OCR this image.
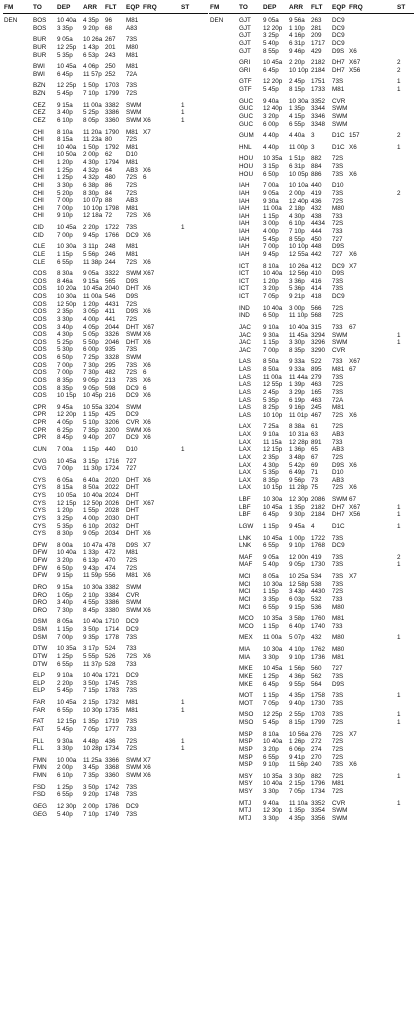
FM	TO DEP ARR FLT EQP FRQ	ST
DEN BOS 10 40a 4 35p 96 M81
BOS 3 35p 9 20p 68 A83
BUR 9 05a 10 26a 267 73S
BUR 12 25p 1 43p 201 M80
BUR 5 35p 6 53p 243 M81
BWI 10 45a 4 06p 250 M81
BWI 6 45p 11 57p 252 72A
BZN 12 25p 1 50p 1703 73S
BZN 5 45p 7 10p 1799 72S
CEZ 9 15a 11 00a 3382 SWM	1
CEZ 3 40p 5 25p 3386 SWM	1
CEZ 6 10p 8 05p 3360 SWM X6	1
CHI 8 10a 11 20a 1790 M81 X7
CHI 8 15a 11 23a 80 72S
CHI 10 40a 1 50p 1792 M81
CHI 10 50a 2 00p 62 D10
CHI 1 20p 4 30p 1794 M81
CHI 1 25p 4 32p 64 AB3 X6
CHI 1 25p 4 32p 480 72S 6
CHI 3 30p 6 38p 86 72S
CHI 5 20p 8 30p 84 72S
CHI 7 00p 10 07p 88 AB3
CHI 7 00p 10 10p 1798 M81
CHI 9 10p 12 18a 72 72S X6
CID 10 45a 2 20p 1722 73S	1
CID 7 00p 9 45p 1766 DC9 X6
CLE 10 30a 3 11p 248 M81
CLE 1 15p 5 56p 246 M81
CLE 6 55p 11 38p 244 72S X6
COS 8 30a 9 05a 3322 SWM X67
COS 8 46a 9 15a 565 D9S
COS 10 20a 10 45a 2040 DHT X6
COS 10 30a 11 00a 546 D9S
COS 12 50p 1 20p 4431 72S
COS 2 35p 3 05p 411 D9S X6
COS 3 30p 4 00p 441 72S
COS 3 40p 4 05p 2044 DHT X67
COS 4 30p 5 05p 3326 SWM X6
COS 5 25p 5 50p 2046 DHT X6
COS 5 30p 6 00p 935 73S
COS 6 50p 7 25p 3328 SWM
COS 7 00p 7 30p 295 73S X6
COS 7 00p 7 30p 482 72S 6
COS 8 35p 9 05p 213 73S X6
COS 8 35p 9 05p 598 DC9 6
COS 10 15p 10 45p 216 DC9 X6
CPR 9 45a 10 55a 3204 SWM
CPR 12 20p 1 15p 425 DC9
CPR 4 05p 5 10p 3206 CVR X6
CPR 6 25p 7 35p 3200 SWM X6
CPR 8 45p 9 40p 207 DC9 X6
CUN 7 00a 1 15p 440 D10	1
CVG 10 45a 3 15p 1716 727
CVG 7 00p 11 30p 1724 727
CYS 6 05a 6 40a 2020 DHT X6
CYS 8 15a 8 50a 2022 DHT
CYS 10 05a 10 40a 2024 DHT
CYS 12 15p 12 50p 2026 DHT X67
CYS 1 20p 1 55p 2028 DHT
CYS 3 25p 4 00p 2030 DHT
CYS 5 35p 6 10p 2032 DHT
CYS 8 30p 9 05p 2034 DHT X6
DFW 8 00a 10 47a 478 D9S X7
DFW 10 40a 1 33p 472 M81
DFW 3 20p 6 13p 470 72S
DFW 6 50p 9 43p 474 72S
DFW 9 15p 11 59p 556 M81 X6
DRO 9 15a 10 30a 3382 SWM
DRO 1 05p 2 10p 3384 CVR
DRO 3 40p 4 55p 3386 SWM
DRO 7 30p 8 45p 3380 SWM X6
DSM 8 05a 10 40a 1710 DC9
DSM 1 15p 3 50p 1714 DC9
DSM 7 00p 9 35p 1778 73S
DTW 10 35a 3 17p 524 733
DTW 1 25p 5 55p 526 72S X6
DTW 6 55p 11 37p 528 733
ELP 9 10a 10 40a 1721 DC9
ELP 2 20p 3 50p 1745 73S
ELP 5 45p 7 15p 1783 73S
FAR 10 45a 2 15p 1732 M81	1
FAR 6 55p 10 30p 1735 M81	1
FAT 12 15p 1 35p 1719 73S
FAT 5 45p 7 05p 1777 733
FLL 9 30a 4 48p 436 72S	1
FLL 3 30p 10 28p 1734 72S	1
FMN 10 00a 11 25a 3366 SWM X7
FMN 2 00p 3 45p 3368 SWM X6
FMN 6 10p 7 35p 3360 SWM X6
FSD 1 25p 3 50p 1742 73S
FSD 6 55p 9 20p 1748 73S
GEG 12 30p 2 00p 1786 DC9
GEG 5 40p 7 10p 1749 73S
FM	TO DEP ARR FLT EQP FRQ	ST
DEN GJT 9 05a 9 56a 263 DC9
GJT 12 20p 1 10p 281 DC9
GJT 3 25p 4 16p 209 DC9
GJT 5 40p 6 31p 1717 DC9
GJT 8 55p 9 46p 429 D9S X6
GRI 10 45a 2 20p 2182 DH7 X67	2
GRI 6 45p 10 10p 2184 DH7 X56	2
GTF 12 20p 2 45p 1751 73S	1
GTF 5 45p 8 15p 1733 M81	1
GUC 9 40a 10 30a 3352 CVR
GUC 12 40p 1 35p 3344 SWM
GUC 3 20p 4 15p 3346 SWM
GUC 6 00p 6 55p 3348 SWM
GUM 4 40p 4 40a 3	D1C 157	2
HNL 4 40p 11 00p 3	D1C X6	1
HOU 10 35a 1 51p 882 72S
HOU 3 15p 6 31p 884 73S
HOU 6 50p 10 05p 886 73S X6
IAH 7 00a 10 10a 440 D10
IAH 9 05a 2 00p 419 73S	2
IAH 9 30a 12 40p 436 72S
IAH 11 00a 2 18p 432 M80
IAH 1 15p 4 30p 438 733
IAH 3 00p 6 10p 4434 72S
IAH 4 00p 7 10p 444 733
IAH 5 45p 8 55p 450 727
IAH 7 00p 10 10p 448 D9S
IAH 9 45p 12 55a 442 727 X6
ICT 8 10a 10 26a 412 DC9 X7
ICT 10 40a 12 56p 410 D9S
ICT 1 20p 3 36p 416 73S
ICT 3 20p 5 36p 414 73S
ICT 7 05p 9 21p 418 DC9
IND 10 40a 3 00p 566 72S
IND 6 50p 11 10p 568 72S
JAC 9 10a 10 40a 315 733 67
JAC 9 30a 11 45a 3294 SWM	1
JAC 1 15p 3 30p 3296 SWM	1
JAC 7 00p 8 35p 3290 CVR
LAS 8 50a 9 33a 522 733 X67
LAS 8 50a 9 33a 895 M81 67
LAS 11 00a 11 44a 279 73S
LAS 12 55p 1 39p 463 72S
LAS 2 45p 3 29p 165 73S
LAS 5 35p 6 19p 463 72A
LAS 8 25p 9 16p 245 M81
LAS 10 10p 11 01p 467 72S X6
LAX 7 25a 8 38a 61 72S
LAX 9 10a 10 31a 63 AB3
LAX 11 15a 12 28p 891 733
LAX 12 15p 1 36p 65 AB3
LAX 2 35p 3 48p 67 72S
LAX 4 30p 5 42p 69 D9S X6
LAX 5 35p 6 49p 71 D10
LAX 8 35p 9 56p 73 AB3
LAX 10 15p 11 28p 75 72S X6
LBF 10 30a 12 30p 2086 SWM 67
LBF 10 45a 1 35p 2182 DH7 X67	1
LBF 6 45p 9 30p 2184 DH7 X56	1
LGW 1 15p 9 45a 4	D1C	1
LNK 10 45a 1 00p 1722 73S
LNK 6 55p 9 10p 1768 DC9
MAF 9 05a 12 00n 419 73S	2
MAF 5 40p 9 05p 1730 73S	1
MCI 8 05a 10 25a 534 73S X7
MCI 10 30a 12 58p 538 73S
MCI 1 15p 3 43p 4430 72S
MCI 3 35p 6 03p 532 733
MCI 6 55p 9 15p 536 M80
MCO 10 35a 3 58p 1760 M81
MCO 1 15p 6 40p 1740 733
MEX 11 00a 5 07p 432 M80	1
MIA 10 30a 4 10p 1762 M80
MIA 3 30p 9 10p 1736 M81
MKE 10 45a 1 56p 560 727
MKE 1 25p 4 36p 562 73S
MKE 6 45p 9 55p 564 D9S
MOT 1 15p 4 35p 1758 73S	1
MOT 7 05p 9 40p 1730 73S
MSO 12 25p 2 55p 1703 73S	1
MSO 5 45p 8 15p 1799 72S	1
MSP 8 10a 10 56a 276 72S X7
MSP 10 40a 1 26p 272 72S
MSP 3 20p 6 06p 274 72S
MSP 6 55p 9 41p 270 72S
MSP 9 10p 11 56p 240 73S X6
MSY 10 35a 3 30p 882 72S	1
MSY 10 40a 2 15p 1796 M81
MSY 3 30p 7 05p 1734 72S
MTJ 9 40a 11 10a 3352 CVR	1
MTJ 12 30p 1 35p 3354 SWM
MTJ 3 30p 4 35p 3356 SWM
